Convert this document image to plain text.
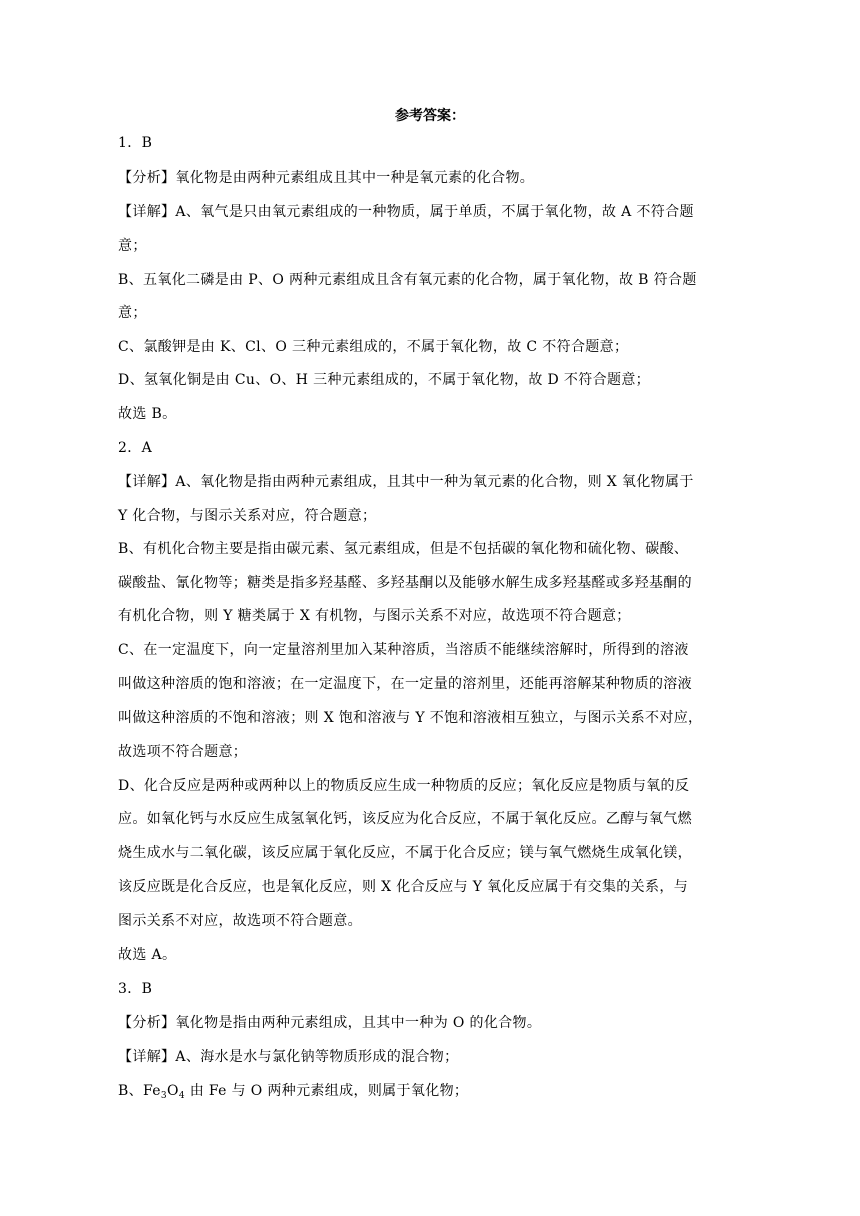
参考答案：
1．B
【分析】氧化物是由两种元素组成且其中一种是氧元素的化合物。
【详解】A、氧气是只由氧元素组成的一种物质，属于单质，不属于氧化物，故 A 不符合题
意；
B、五氧化二磷是由 P、O 两种元素组成且含有氧元素的化合物，属于氧化物，故 B 符合题
意；
C、氯酸钾是由 K、Cl、O 三种元素组成的，不属于氧化物，故 C 不符合题意；
D、氢氧化铜是由 Cu、O、H 三种元素组成的，不属于氧化物，故 D 不符合题意；
故选 B。
2．A
【详解】A、氧化物是指由两种元素组成，且其中一种为氧元素的化合物，则 X 氧化物属于
Y 化合物，与图示关系对应，符合题意；
B、有机化合物主要是指由碳元素、氢元素组成，但是不包括碳的氧化物和硫化物、碳酸、
碳酸盐、氰化物等；糖类是指多羟基醛、多羟基酮以及能够水解生成多羟基醛或多羟基酮的
有机化合物，则 Y 糖类属于 X 有机物，与图示关系不对应，故选项不符合题意；
C、在一定温度下，向一定量溶剂里加入某种溶质，当溶质不能继续溶解时，所得到的溶液
叫做这种溶质的饱和溶液；在一定温度下，在一定量的溶剂里，还能再溶解某种物质的溶液
叫做这种溶质的不饱和溶液；则 X 饱和溶液与 Y 不饱和溶液相互独立，与图示关系不对应，
故选项不符合题意；
D、化合反应是两种或两种以上的物质反应生成一种物质的反应；氧化反应是物质与氧的反
应。如氧化钙与水反应生成氢氧化钙，该反应为化合反应，不属于氧化反应。乙醇与氧气燃
烧生成水与二氧化碳，该反应属于氧化反应，不属于化合反应；镁与氧气燃烧生成氧化镁，
该反应既是化合反应，也是氧化反应，则 X 化合反应与 Y 氧化反应属于有交集的关系，与
图示关系不对应，故选项不符合题意。
故选 A。
3．B
【分析】氧化物是指由两种元素组成，且其中一种为 O 的化合物。
【详解】A、海水是水与氯化钠等物质形成的混合物；
B、$Fe_3O_4$ 由 Fe 与 O 两种元素组成，则属于氧化物；
